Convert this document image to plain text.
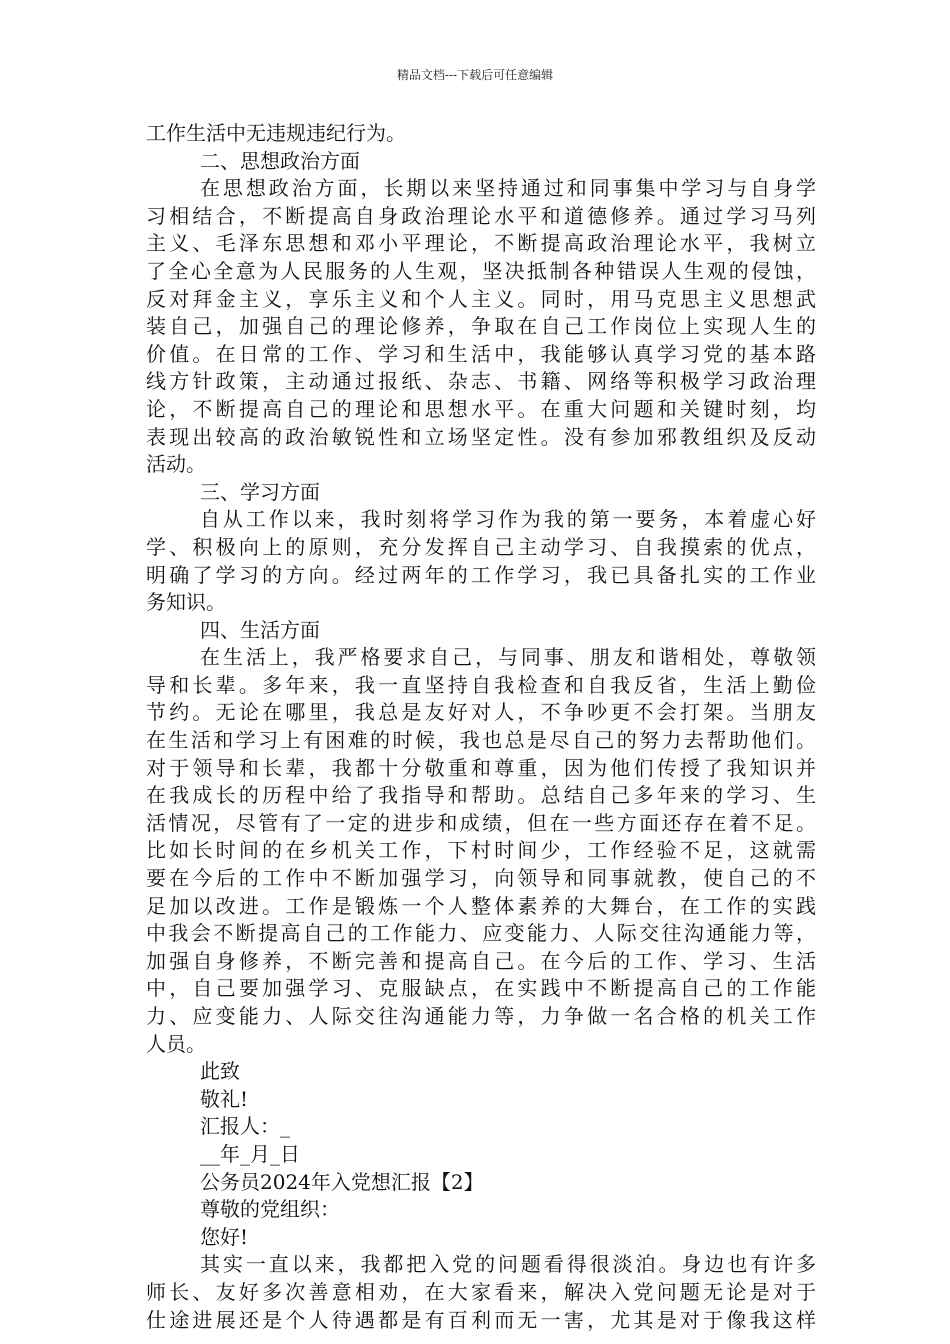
精品文档---下载后可任意编辑
工作生活中无违规违纪行为。
二、思想政治方面
在思想政治方面，长期以来坚持通过和同事集中学习与自身学
习相结合，不断提高自身政治理论水平和道德修养。通过学习马列
主义、毛泽东思想和邓小平理论，不断提高政治理论水平，我树立
了全心全意为人民服务的人生观，坚决抵制各种错误人生观的侵蚀，
反对拜金主义，享乐主义和个人主义。同时，用马克思主义思想武
装自己，加强自己的理论修养，争取在自己工作岗位上实现人生的
价值。在日常的工作、学习和生活中，我能够认真学习党的基本路
线方针政策，主动通过报纸、杂志、书籍、网络等积极学习政治理
论，不断提高自己的理论和思想水平。在重大问题和关键时刻，均
表现出较高的政治敏锐性和立场坚定性。没有参加邪教组织及反动
活动。
三、学习方面
自从工作以来，我时刻将学习作为我的第一要务，本着虚心好
学、积极向上的原则，充分发挥自己主动学习、自我摸索的优点，
明确了学习的方向。经过两年的工作学习，我已具备扎实的工作业
务知识。
四、生活方面
在生活上，我严格要求自己，与同事、朋友和谐相处，尊敬领
导和长辈。多年来，我一直坚持自我检查和自我反省，生活上勤俭
节约。无论在哪里，我总是友好对人，不争吵更不会打架。当朋友
在生活和学习上有困难的时候，我也总是尽自己的努力去帮助他们。
对于领导和长辈，我都十分敬重和尊重，因为他们传授了我知识并
在我成长的历程中给了我指导和帮助。总结自己多年来的学习、生
活情况，尽管有了一定的进步和成绩，但在一些方面还存在着不足。
比如长时间的在乡机关工作，下村时间少，工作经验不足，这就需
要在今后的工作中不断加强学习，向领导和同事就教，使自己的不
足加以改进。工作是锻炼一个人整体素养的大舞台，在工作的实践
中我会不断提高自己的工作能力、应变能力、人际交往沟通能力等，
加强自身修养，不断完善和提高自己。在今后的工作、学习、生活
中，自己要加强学习、克服缺点，在实践中不断提高自己的工作能
力、应变能力、人际交往沟通能力等，力争做一名合格的机关工作
人员。
此致
敬礼!
汇报人：_
__年_月_日
公务员2024年入党想汇报【2】
尊敬的党组织：
您好!
其实一直以来，我都把入党的问题看得很淡泊。身边也有许多
师长、友好多次善意相劝，在大家看来，解决入党问题无论是对于
仕途进展还是个人待遇都是有百利而无一害，尤其是对于像我这样
